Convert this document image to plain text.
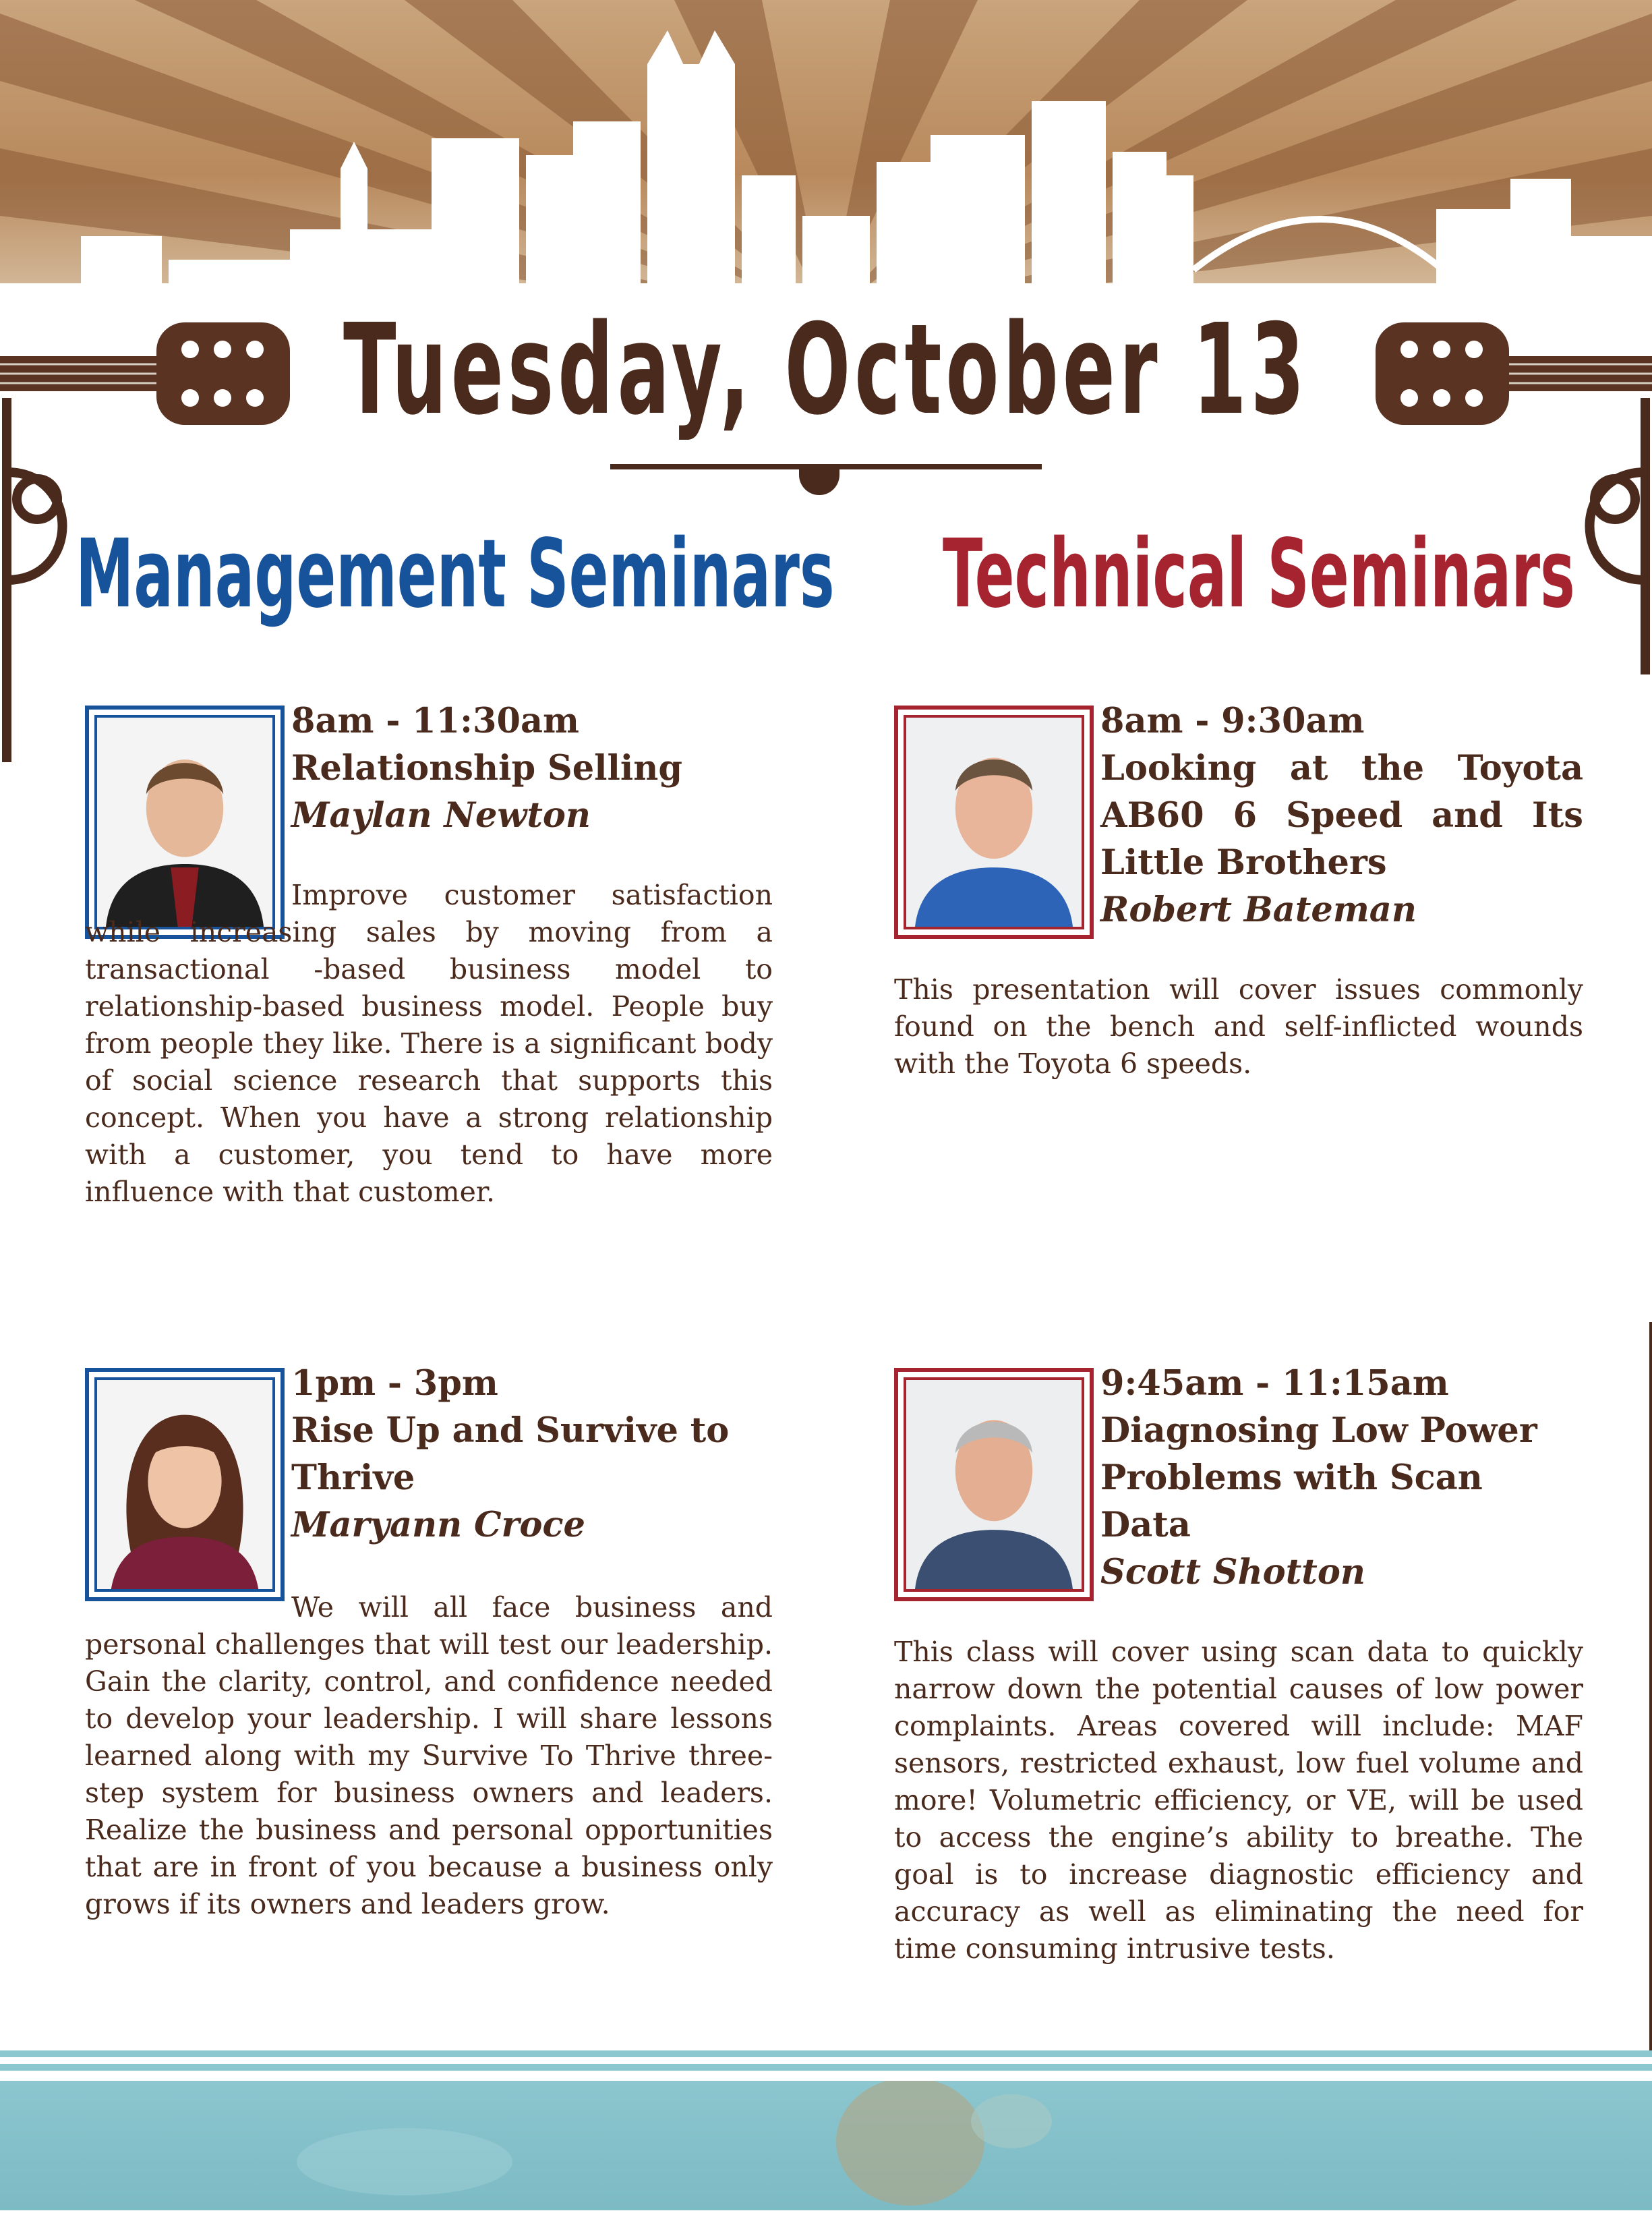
Tuesday, October 13
Management Seminars Technical Seminars
8am - 11:30am
Relationship Selling
Maylan Newton
Improve customer satisfaction while increasing sales by moving from a transactional -based business model to relationship-based business model. People buy from people they like. There is a significant body of social science research that supports this concept. When you have a strong relationship with a customer, you tend to have more influence with that customer.
1pm - 3pm
Rise Up and Survive to Thrive
Maryann Croce
We will all face business and personal challenges that will test our leadership. Gain the clarity, control, and confidence needed to develop your leadership. I will share lessons learned along with my Survive To Thrive three-step system for business owners and leaders. Realize the business and personal opportunities that are in front of you because a business only grows if its owners and leaders grow.
8am - 9:30am
Looking at the Toyota AB60 6 Speed and Its Little Brothers
Robert Bateman
This presentation will cover issues commonly found on the bench and self-inflicted wounds with the Toyota 6 speeds.
9:45am - 11:15am
Diagnosing Low Power Problems with Scan Data
Scott Shotton
This class will cover using scan data to quickly narrow down the potential causes of low power complaints. Areas covered will include: MAF sensors, restricted exhaust, low fuel volume and more! Volumetric efficiency, or VE, will be used to access the engine’s ability to breathe. The goal is to increase diagnostic efficiency and accuracy as well as eliminating the need for time consuming intrusive tests.
